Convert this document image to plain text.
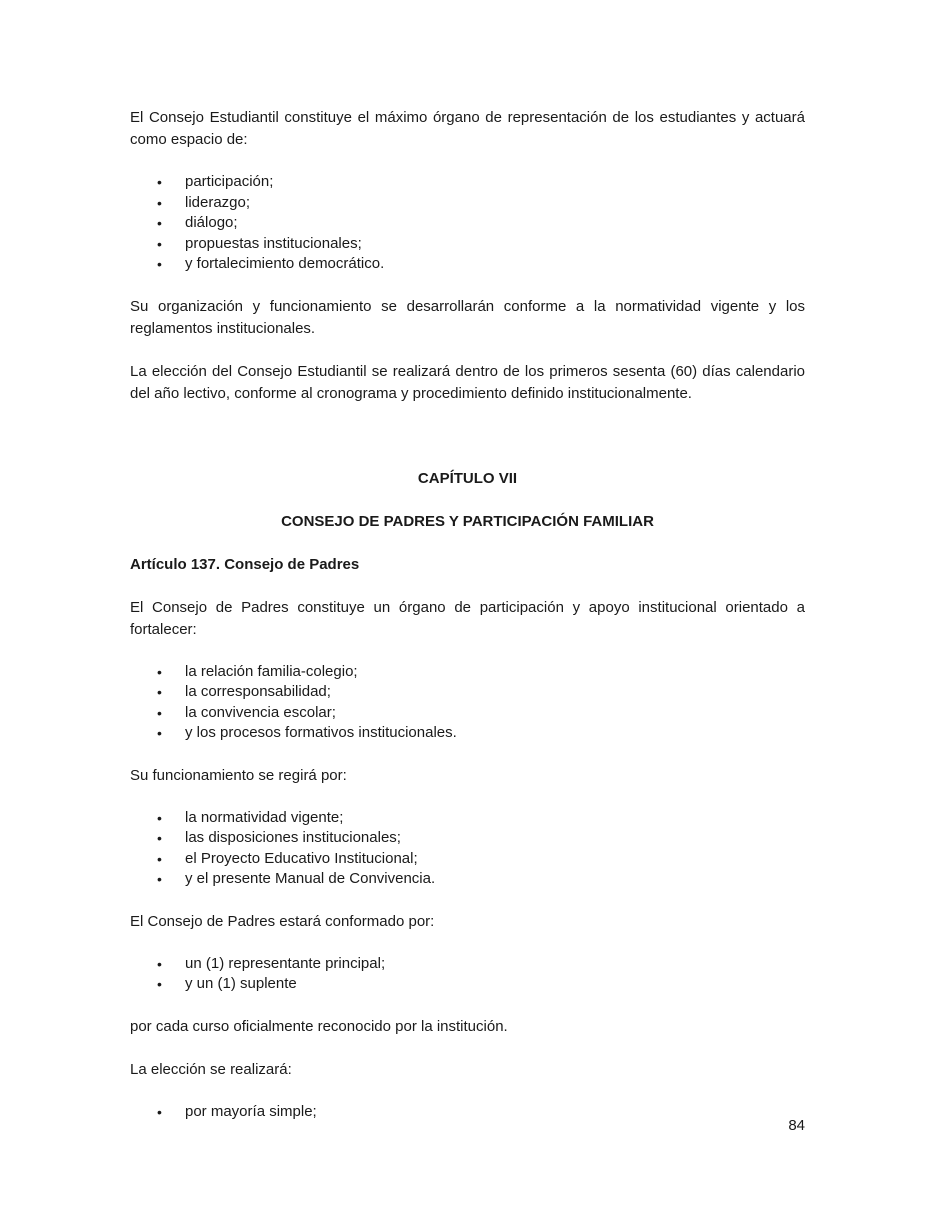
El Consejo Estudiantil constituye el máximo órgano de representación de los estudiantes y actuará como espacio de:

• participación;
• liderazgo;
• diálogo;
• propuestas institucionales;
• y fortalecimiento democrático.

Su organización y funcionamiento se desarrollarán conforme a la normatividad vigente y los reglamentos institucionales.

La elección del Consejo Estudiantil se realizará dentro de los primeros sesenta (60) días calendario del año lectivo, conforme al cronograma y procedimiento definido institucionalmente.

CAPÍTULO VII

CONSEJO DE PADRES Y PARTICIPACIÓN FAMILIAR

Artículo 137. Consejo de Padres

El Consejo de Padres constituye un órgano de participación y apoyo institucional orientado a fortalecer:

• la relación familia-colegio;
• la corresponsabilidad;
• la convivencia escolar;
• y los procesos formativos institucionales.

Su funcionamiento se regirá por:

• la normatividad vigente;
• las disposiciones institucionales;
• el Proyecto Educativo Institucional;
• y el presente Manual de Convivencia.

El Consejo de Padres estará conformado por:

• un (1) representante principal;
• y un (1) suplente

por cada curso oficialmente reconocido por la institución.

La elección se realizará:

• por mayoría simple;
84
